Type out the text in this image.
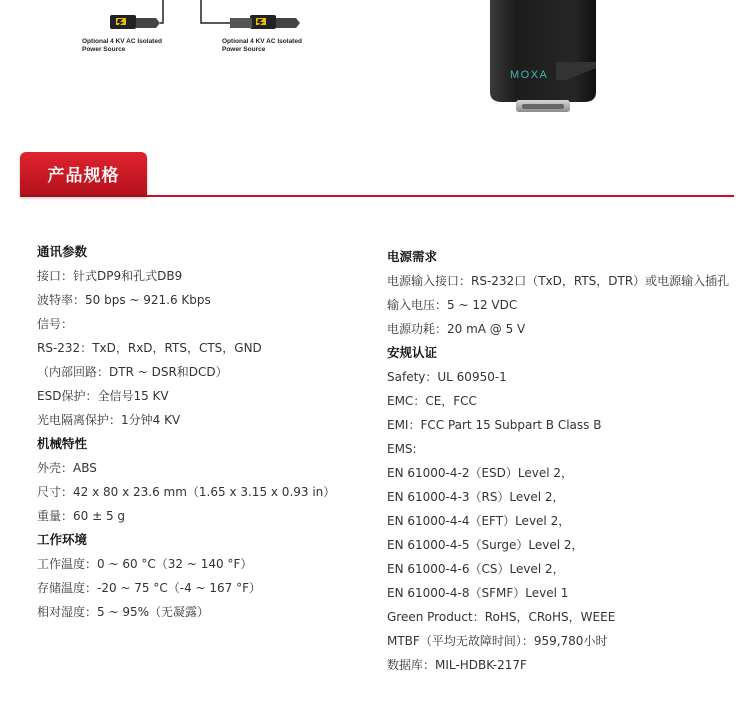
Optional 4 KV AC Isolated
Power Source
Optional 4 KV AC Isolated
Power Source
MOXA
产品规格
通讯参数
接口：针式DP9和孔式DB9
波特率：50 bps ~ 921.6 Kbps
信号：
RS-232：TxD，RxD，RTS，CTS，GND
（内部回路：DTR ~ DSR和DCD）
ESD保护：全信号15 KV
光电隔离保护：1分钟4 KV
机械特性
外壳：ABS
尺寸：42 x 80 x 23.6 mm（1.65 x 3.15 x 0.93 in）
重量：60 ± 5 g
工作环境
工作温度：0 ~ 60 °C（32 ~ 140 °F）
存储温度：-20 ~ 75 °C（-4 ~ 167 °F）
相对湿度：5 ~ 95%（无凝露）
电源需求
电源输入接口：RS-232口（TxD，RTS，DTR）或电源输入插孔
输入电压：5 ~ 12 VDC
电源功耗：20 mA @ 5 V
安规认证
Safety：UL 60950-1
EMC：CE，FCC
EMI：FCC Part 15 Subpart B Class B
EMS:
EN 61000-4-2（ESD）Level 2，
EN 61000-4-3（RS）Level 2，
EN 61000-4-4（EFT）Level 2，
EN 61000-4-5（Surge）Level 2，
EN 61000-4-6（CS）Level 2，
EN 61000-4-8（SFMF）Level 1
Green Product：RoHS，CRoHS，WEEE
MTBF（平均无故障时间）：959,780小时
数据库：MIL-HDBK-217F
